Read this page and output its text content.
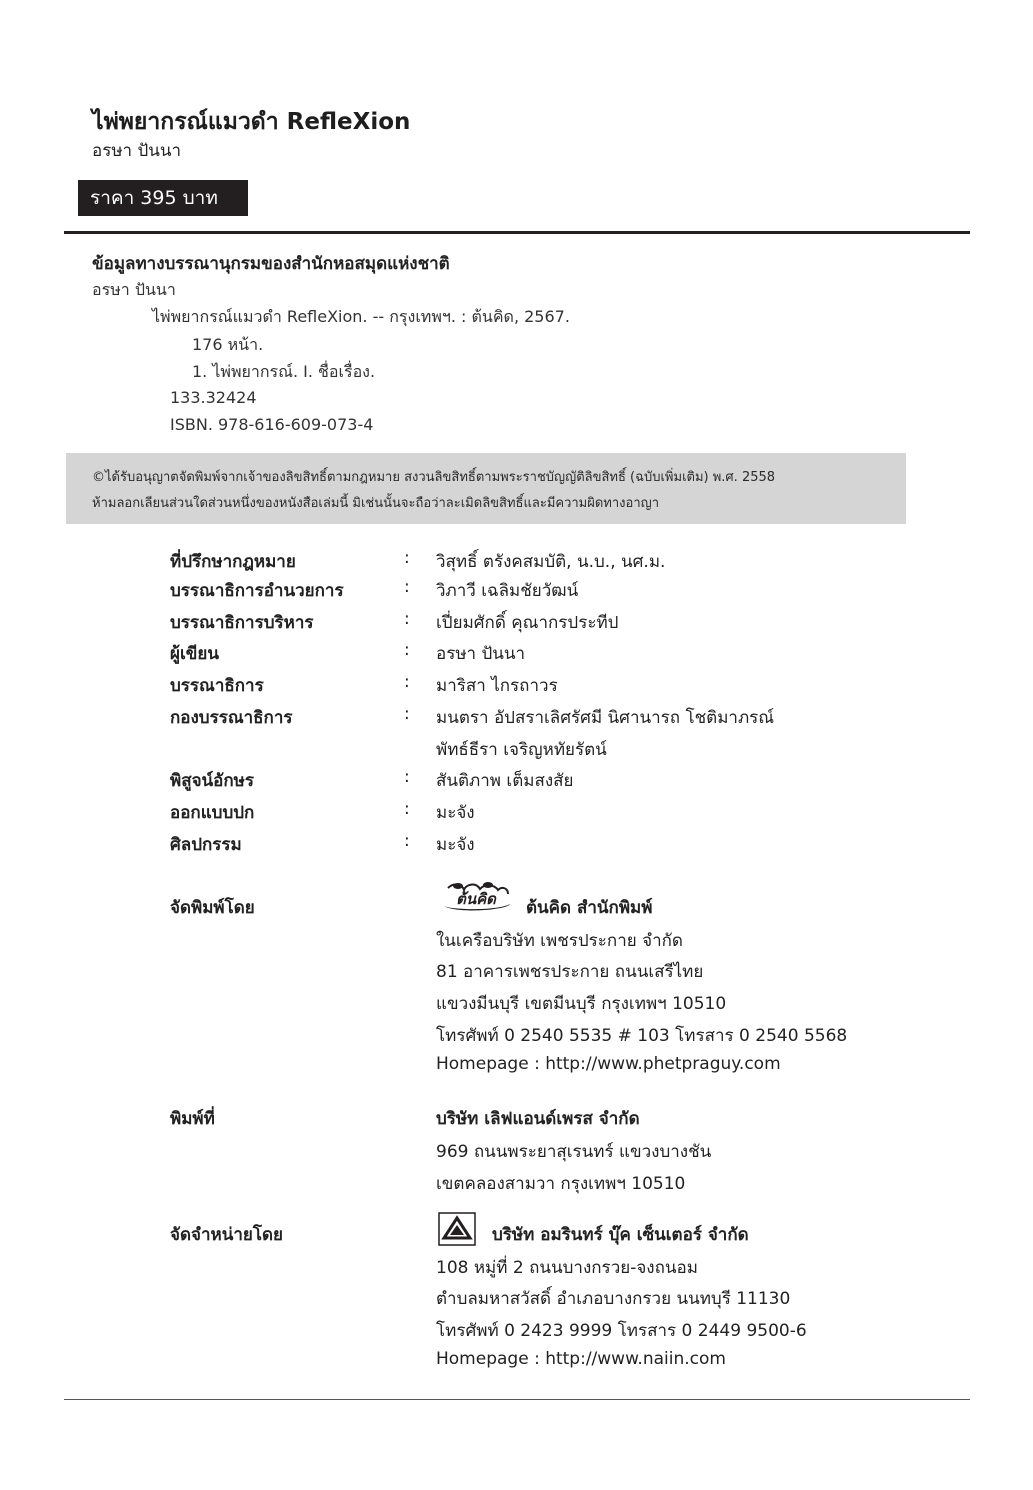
ไพ่พยากรณ์แมวดำ RefleXion
อรษา ปันนา
ราคา 395 บาท
ข้อมูลทางบรรณานุกรมของสำนักหอสมุดแห่งชาติ
อรษา ปันนา
ไพ่พยากรณ์แมวดำ RefleXion. -- กรุงเทพฯ. : ต้นคิด, 2567.
176 หน้า.
1. ไพ่พยากรณ์. I. ชื่อเรื่อง.
133.32424
ISBN. 978-616-609-073-4
©ได้รับอนุญาตจัดพิมพ์จากเจ้าของลิขสิทธิ์ตามกฎหมาย สงวนลิขสิทธิ์ตามพระราชบัญญัติลิขสิทธิ์ (ฉบับเพิ่มเติม) พ.ศ. 2558
ห้ามลอกเลียนส่วนใดส่วนหนึ่งของหนังสือเล่มนี้ มิเช่นนั้นจะถือว่าละเมิดลิขสิทธิ์และมีความผิดทางอาญา
ที่ปรึกษากฎหมาย	: วิสุทธิ์ ตรังคสมบัติ, น.บ., นศ.ม.
บรรณาธิการอำนวยการ	: วิภาวี เฉลิมชัยวัฒน์
บรรณาธิการบริหาร	: เปี่ยมศักดิ์ คุณากรประทีป
ผู้เขียน	: อรษา ปันนา
บรรณาธิการ	: มาริสา ไกรถาวร
กองบรรณาธิการ	: มนตรา อัปสราเลิศรัศมี นิศานารถ โชติมาภรณ์
พัทธ์ธีรา เจริญหทัยรัตน์
พิสูจน์อักษร	: สันติภาพ เต็มสงสัย
ออกแบบปก	: มะจัง
ศิลปกรรม	: มะจัง
จัดพิมพ์โดย	ต้นคิด ต้นคิด สำนักพิมพ์
ในเครือบริษัท เพชรประกาย จำกัด
81 อาคารเพชรประกาย ถนนเสรีไทย
แขวงมีนบุรี เขตมีนบุรี กรุงเทพฯ 10510
โทรศัพท์ 0 2540 5535 # 103 โทรสาร 0 2540 5568
Homepage : http://www.phetpraguy.com
พิมพ์ที่	บริษัท เลิฟแอนด์เพรส จำกัด
969 ถนนพระยาสุเรนทร์ แขวงบางชัน
เขตคลองสามวา กรุงเทพฯ 10510
จัดจำหน่ายโดย	บริษัท อมรินทร์ บุ๊ค เซ็นเตอร์ จำกัด
108 หมู่ที่ 2 ถนนบางกรวย-จงถนอม
ตำบลมหาสวัสดิ์ อำเภอบางกรวย นนทบุรี 11130
โทรศัพท์ 0 2423 9999 โทรสาร 0 2449 9500-6
Homepage : http://www.naiin.com
